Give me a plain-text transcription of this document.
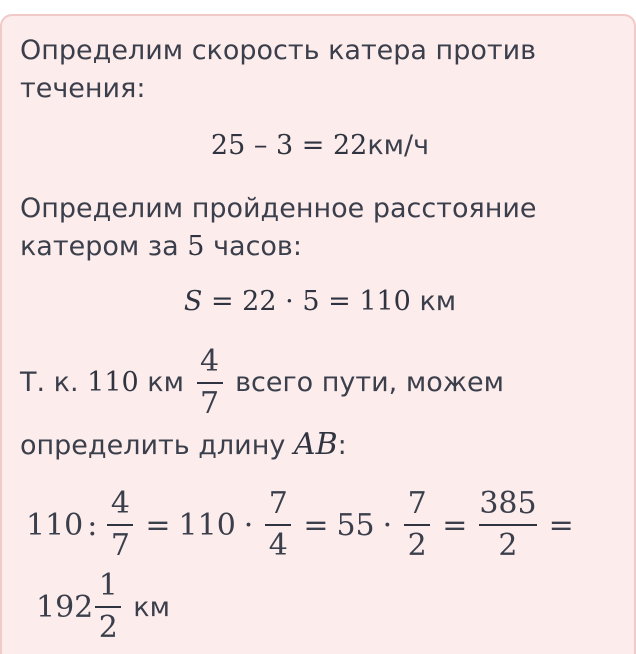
Определим скорость катера против течения:
25 – 3 = 22км/ч
Определим пройденное расстояние катером за 5 часов:
S = 22 · 5 = 110 км
Т. к. 110 км $\frac{4}{7}$ всего пути, можем
определить длину AB:
110 : $\frac{4}{7} = 110 \cdot \frac{7}{4} = 55 \cdot \frac{7}{2} = \frac{385}{2}$ =
$192 \frac{1}{2}$ км
